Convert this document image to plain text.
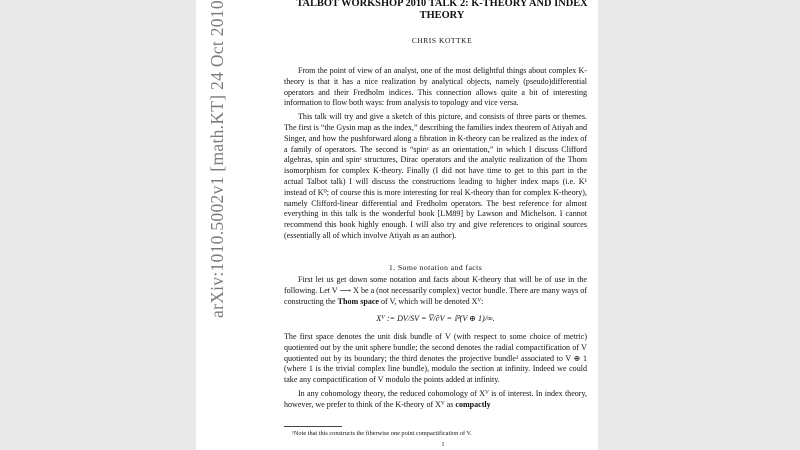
arXiv:1010.5002v1 [math.KT] 24 Oct 2010	TALBOT WORKSHOP 2010 TALK 2: K-THEORY AND INDEX THEORY
CHRIS KOTTKE

From the point of view of an analyst, one of the most delightful things about complex K-theory is that it has a nice realization by analytical objects, namely (pseudo)differential operators and their Fredholm indices. This connection allows quite a bit of interesting information to flow both ways: from analysis to topology and vice versa.

This talk will try and give a sketch of this picture, and consists of three parts or themes. The first is “the Gysin map as the index,” describing the families index theorem of Atiyah and Singer, and how the pushforward along a fibration in K-theory can be realized as the index of a family of operators. The second is “spinᶜ as an orientation,” in which I discuss Clifford algebras, spin and spinᶜ structures, Dirac operators and the analytic realization of the Thom isomorphism for complex K-theory. Finally (I did not have time to get to this part in the actual Talbot talk) I will discuss the constructions leading to higher index maps (i.e. K¹ instead of K⁰; of course this is more interesting for real K-theory than for complex K-theory), namely Clifford-linear differential and Fredholm operators. The best reference for almost everything in this talk is the wonderful book [LM89] by Lawson and Michelson. I cannot recommend this book highly enough. I will also try and give references to original sources (essentially all of which involve Atiyah as an author).

1. Some notation and facts

First let us get down some notation and facts about K-theory that will be of use in the following. Let V ⟶ X be a (not necessarily complex) vector bundle. There are many ways of constructing the Thom space of V, which will be denoted Xⱽ:

Xⱽ := DV/SV = V̅/∂V = ℙ(V ⊕ 1)/∞.

The first space denotes the unit disk bundle of V (with respect to some choice of metric) quotiented out by the unit sphere bundle; the second denotes the radial compactification of V quotiented out by its boundary; the third denotes the projective bundle¹ associated to V ⊕ 1 (where 1 is the trivial complex line bundle), modulo the section at infinity. Indeed we could take any compactification of V modulo the points added at infinity.

In any cohomology theory, the reduced cohomology of Xⱽ is of interest. In index theory, however, we prefer to think of the K-theory of Xⱽ as compactly

¹Note that this constructs the fiberwise one point compactification of V.
1
